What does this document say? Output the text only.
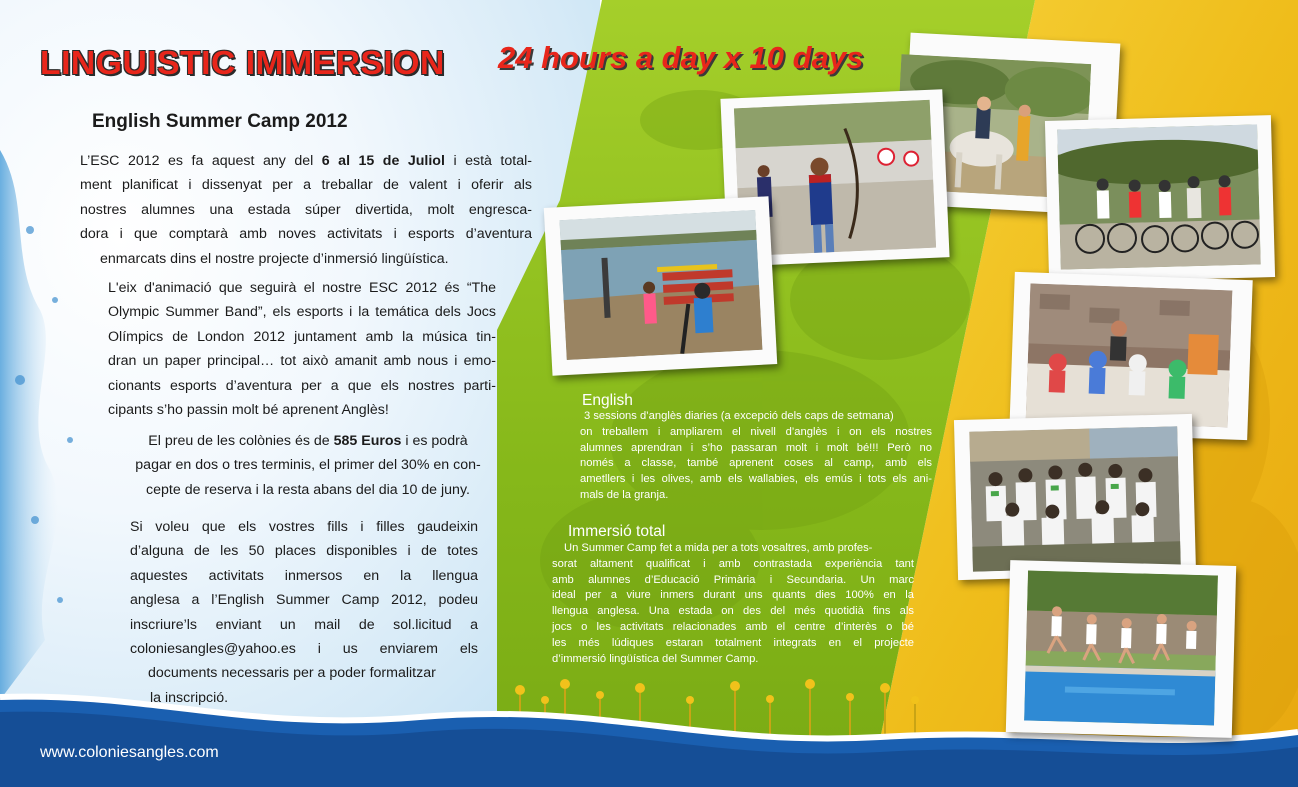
LINGUISTIC IMMERSION 24 hours a day x 10 days
English Summer Camp 2012
L’ESC 2012 es fa aquest any del 6 al 15 de Juliol i està total-
ment planificat i dissenyat per a treballar de valent i oferir als
nostres alumnes una estada súper divertida, molt engresca-
dora i que comptarà amb noves activitats i esports d’aventura
enmarcats dins el nostre projecte d’inmersió lingüística.
L'eix d'animació que seguirà el nostre ESC 2012 és “The
Olympic Summer Band”, els esports i la temática dels Jocs
Olímpics de London 2012 juntament amb la música tin-
dran un paper principal… tot això amanit amb nous i emo-
cionants esports d’aventura per a que els nostres parti-
cipants s’ho passin molt bé aprenent Anglès!
El preu de les colònies és de 585 Euros i es podrà
pagar en dos o tres terminis, el primer del 30% en con-
cepte de reserva i la resta abans del dia 10 de juny.
Si voleu que els vostres fills i filles gaudeixin
d’alguna de les 50 places disponibles i de totes
aquestes activitats inmersos en la llengua
anglesa a l’English Summer Camp 2012, podeu
inscriure’ls enviant un mail de sol.licitud a
coloniesangles@yahoo.es i us enviarem els
documents necessaris per a poder formalitzar
la inscripció.
www.coloniesangles.com
English
3 sessions d’anglès diaries (a excepció dels caps de setmana)
on treballem i ampliarem el nivell d’anglès i on els nostres
alumnes aprendran i s’ho passaran molt i molt bé!!! Però no
només a classe, també aprenent coses al camp, amb els
ametllers i les olives, amb els wallabies, els emús i tots els ani-
mals de la granja.
Immersió total
Un Summer Camp fet a mida per a tots vosaltres, amb profes-
sorat altament qualificat i amb contrastada experiència tant
amb alumnes d’Educació Primària i Secundaria. Un marc
ideal per a viure inmers durant uns quants dies 100% en la
llengua anglesa. Una estada on des del més quotidià fins als
jocs o les activitats relacionades amb el centre d’interès o bé
les més lúdiques estaran totalment integrats en el projecte
d’immersió lingüística del Summer Camp.
